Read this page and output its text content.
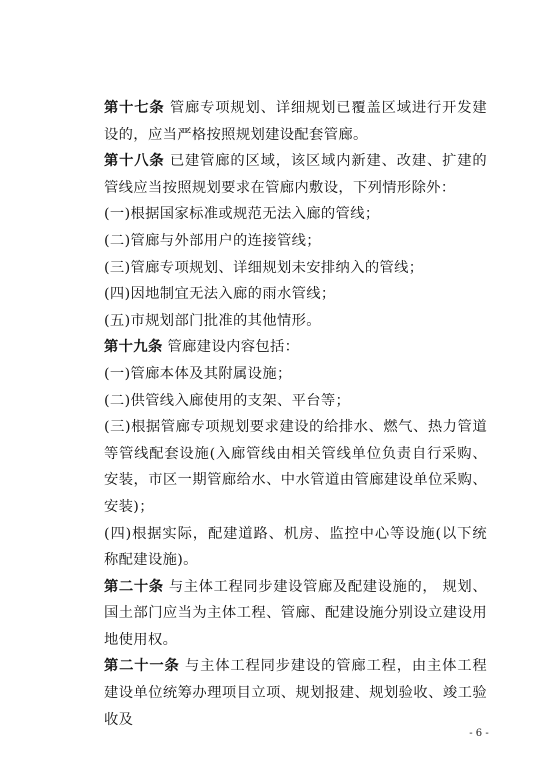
第十七条 管廊专项规划、详细规划已覆盖区域进行开发建设的，应当严格按照规划建设配套管廊。

第十八条 已建管廊的区域，该区域内新建、改建、扩建的管线应当按照规划要求在管廊内敷设，下列情形除外：

(一)根据国家标准或规范无法入廊的管线；

(二)管廊与外部用户的连接管线；

(三)管廊专项规划、详细规划未安排纳入的管线；

(四)因地制宜无法入廊的雨水管线；

(五)市规划部门批准的其他情形。

第十九条 管廊建设内容包括：

(一)管廊本体及其附属设施；

(二)供管线入廊使用的支架、平台等；

(三)根据管廊专项规划要求建设的给排水、燃气、热力管道等管线配套设施(入廊管线由相关管线单位负责自行采购、安装，市区一期管廊给水、中水管道由管廊建设单位采购、安装)；

(四)根据实际，配建道路、机房、监控中心等设施(以下统称配建设施)。

第二十条 与主体工程同步建设管廊及配建设施的， 规划、国土部门应当为主体工程、管廊、配建设施分别设立建设用地使用权。

第二十一条 与主体工程同步建设的管廊工程，由主体工程建设单位统筹办理项目立项、规划报建、规划验收、竣工验收及

- 6 -
